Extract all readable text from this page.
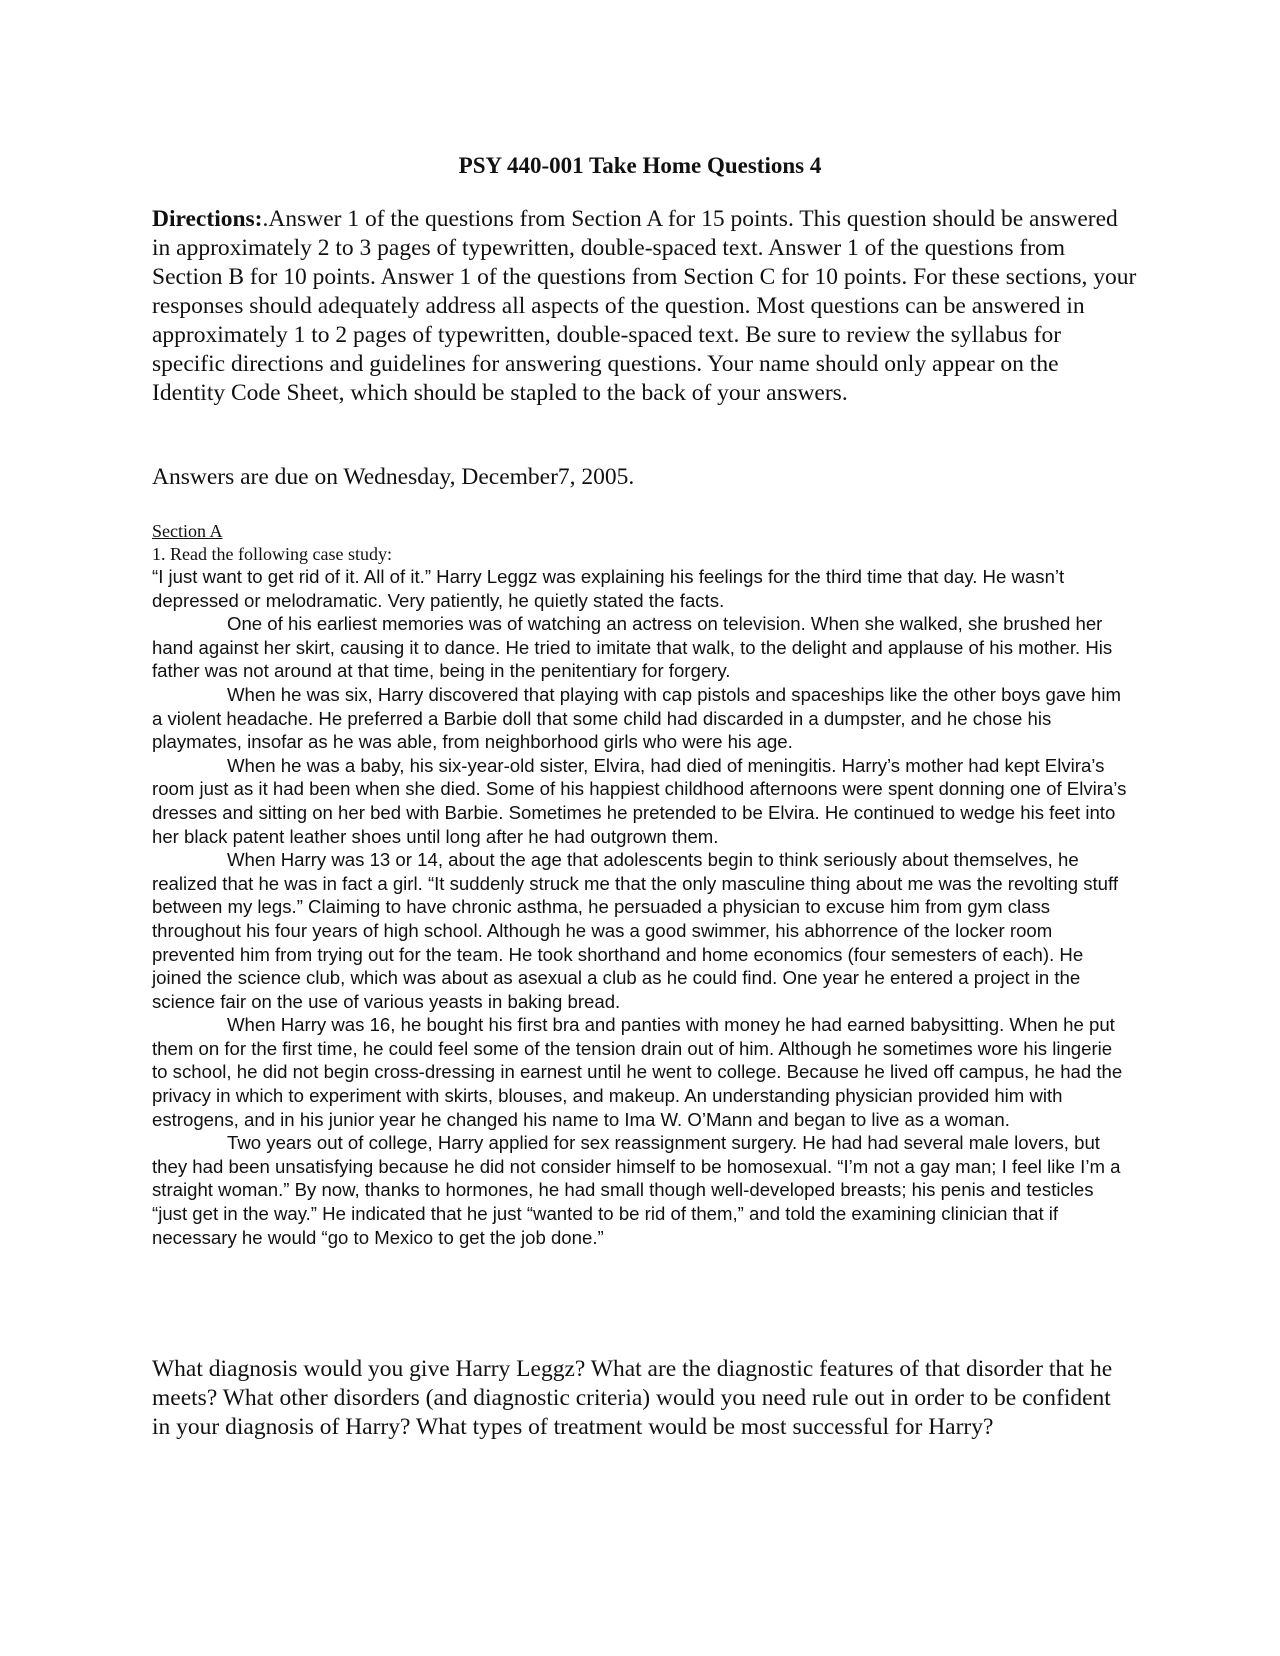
PSY 440-001 Take Home Questions 4

Directions:.Answer 1 of the questions from Section A for 15 points. This question should be answered in approximately 2 to 3 pages of typewritten, double-spaced text. Answer 1 of the questions from Section B for 10 points. Answer 1 of the questions from Section C for 10 points. For these sections, your responses should adequately address all aspects of the question. Most questions can be answered in approximately 1 to 2 pages of typewritten, double-spaced text. Be sure to review the syllabus for specific directions and guidelines for answering questions. Your name should only appear on the Identity Code Sheet, which should be stapled to the back of your answers.

Answers are due on Wednesday, December7, 2005.

Section A

1. Read the following case study:

“I just want to get rid of it. All of it.” Harry Leggz was explaining his feelings for the third time that day. He wasn’t depressed or melodramatic. Very patiently, he quietly stated the facts.

One of his earliest memories was of watching an actress on television. When she walked, she brushed her hand against her skirt, causing it to dance. He tried to imitate that walk, to the delight and applause of his mother. His father was not around at that time, being in the penitentiary for forgery.

When he was six, Harry discovered that playing with cap pistols and spaceships like the other boys gave him a violent headache. He preferred a Barbie doll that some child had discarded in a dumpster, and he chose his playmates, insofar as he was able, from neighborhood girls who were his age.

When he was a baby, his six-year-old sister, Elvira, had died of meningitis. Harry’s mother had kept Elvira’s room just as it had been when she died. Some of his happiest childhood afternoons were spent donning one of Elvira’s dresses and sitting on her bed with Barbie. Sometimes he pretended to be Elvira. He continued to wedge his feet into her black patent leather shoes until long after he had outgrown them.

When Harry was 13 or 14, about the age that adolescents begin to think seriously about themselves, he realized that he was in fact a girl. “It suddenly struck me that the only masculine thing about me was the revolting stuff between my legs.” Claiming to have chronic asthma, he persuaded a physician to excuse him from gym class throughout his four years of high school. Although he was a good swimmer, his abhorrence of the locker room prevented him from trying out for the team. He took shorthand and home economics (four semesters of each). He joined the science club, which was about as asexual a club as he could find. One year he entered a project in the science fair on the use of various yeasts in baking bread.

When Harry was 16, he bought his first bra and panties with money he had earned babysitting. When he put them on for the first time, he could feel some of the tension drain out of him. Although he sometimes wore his lingerie to school, he did not begin cross-dressing in earnest until he went to college. Because he lived off campus, he had the privacy in which to experiment with skirts, blouses, and makeup. An understanding physician provided him with estrogens, and in his junior year he changed his name to Ima W. O’Mann and began to live as a woman.

Two years out of college, Harry applied for sex reassignment surgery. He had had several male lovers, but they had been unsatisfying because he did not consider himself to be homosexual. “I’m not a gay man; I feel like I’m a straight woman.” By now, thanks to hormones, he had small though well-developed breasts; his penis and testicles “just get in the way.” He indicated that he just “wanted to be rid of them,” and told the examining clinician that if necessary he would “go to Mexico to get the job done.”

What diagnosis would you give Harry Leggz? What are the diagnostic features of that disorder that he meets? What other disorders (and diagnostic criteria) would you need rule out in order to be confident in your diagnosis of Harry? What types of treatment would be most successful for Harry?
